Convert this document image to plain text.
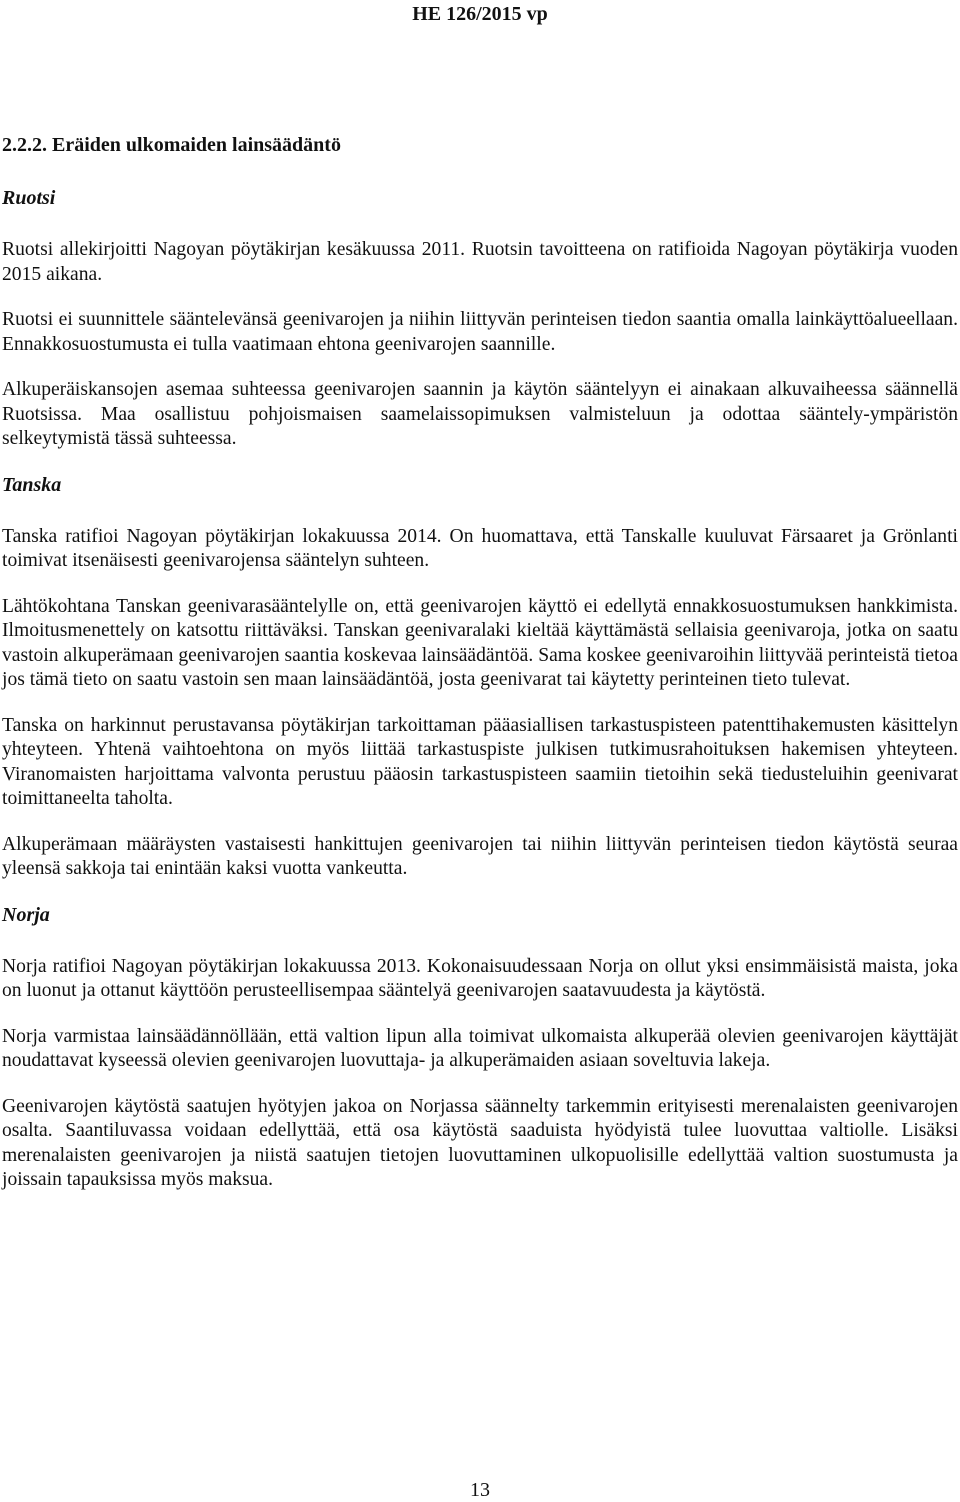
HE 126/2015 vp
2.2.2. Eräiden ulkomaiden lainsäädäntö
Ruotsi

Ruotsi allekirjoitti Nagoyan pöytäkirjan kesäkuussa 2011. Ruotsin tavoitteena on ratifioida Nagoyan pöytäkirja vuoden 2015 aikana.

Ruotsi ei suunnittele sääntelevänsä geenivarojen ja niihin liittyvän perinteisen tiedon saantia omalla lainkäyttöalueellaan. Ennakkosuostumusta ei tulla vaatimaan ehtona geenivarojen saannille.

Alkuperäiskansojen asemaa suhteessa geenivarojen saannin ja käytön sääntelyyn ei ainakaan alkuvaiheessa säännellä Ruotsissa. Maa osallistuu pohjoismaisen saamelaissopimuksen valmisteluun ja odottaa sääntely-ympäristön selkeytymistä tässä suhteessa.

Tanska

Tanska ratifioi Nagoyan pöytäkirjan lokakuussa 2014. On huomattava, että Tanskalle kuuluvat Färsaaret ja Grönlanti toimivat itsenäisesti geenivarojensa sääntelyn suhteen.

Lähtökohtana Tanskan geenivarasääntelylle on, että geenivarojen käyttö ei edellytä ennakkosuostumuksen hankkimista. Ilmoitusmenettely on katsottu riittäväksi. Tanskan geenivaralaki kieltää käyttämästä sellaisia geenivaroja, jotka on saatu vastoin alkuperämaan geenivarojen saantia koskevaa lainsäädäntöä. Sama koskee geenivaroihin liittyvää perinteistä tietoa jos tämä tieto on saatu vastoin sen maan lainsäädäntöä, josta geenivarat tai käytetty perinteinen tieto tulevat.

Tanska on harkinnut perustavansa pöytäkirjan tarkoittaman pääasiallisen tarkastuspisteen patenttihakemusten käsittelyn yhteyteen. Yhtenä vaihtoehtona on myös liittää tarkastuspiste julkisen tutkimusrahoituksen hakemisen yhteyteen. Viranomaisten harjoittama valvonta perustuu pääosin tarkastuspisteen saamiin tietoihin sekä tiedusteluihin geenivarat toimittaneelta taholta.

Alkuperämaan määräysten vastaisesti hankittujen geenivarojen tai niihin liittyvän perinteisen tiedon käytöstä seuraa yleensä sakkoja tai enintään kaksi vuotta vankeutta.

Norja

Norja ratifioi Nagoyan pöytäkirjan lokakuussa 2013. Kokonaisuudessaan Norja on ollut yksi ensimmäisistä maista, joka on luonut ja ottanut käyttöön perusteellisempaa sääntelyä geenivarojen saatavuudesta ja käytöstä.

Norja varmistaa lainsäädännöllään, että valtion lipun alla toimivat ulkomaista alkuperää olevien geenivarojen käyttäjät noudattavat kyseessä olevien geenivarojen luovuttaja- ja alkuperämaiden asiaan soveltuvia lakeja.

Geenivarojen käytöstä saatujen hyötyjen jakoa on Norjassa säännelty tarkemmin erityisesti merenalaisten geenivarojen osalta. Saantiluvassa voidaan edellyttää, että osa käytöstä saaduista hyödyistä tulee luovuttaa valtiolle. Lisäksi merenalaisten geenivarojen ja niistä saatujen tietojen luovuttaminen ulkopuolisille edellyttää valtion suostumusta ja joissain tapauksissa myös maksua.

13
